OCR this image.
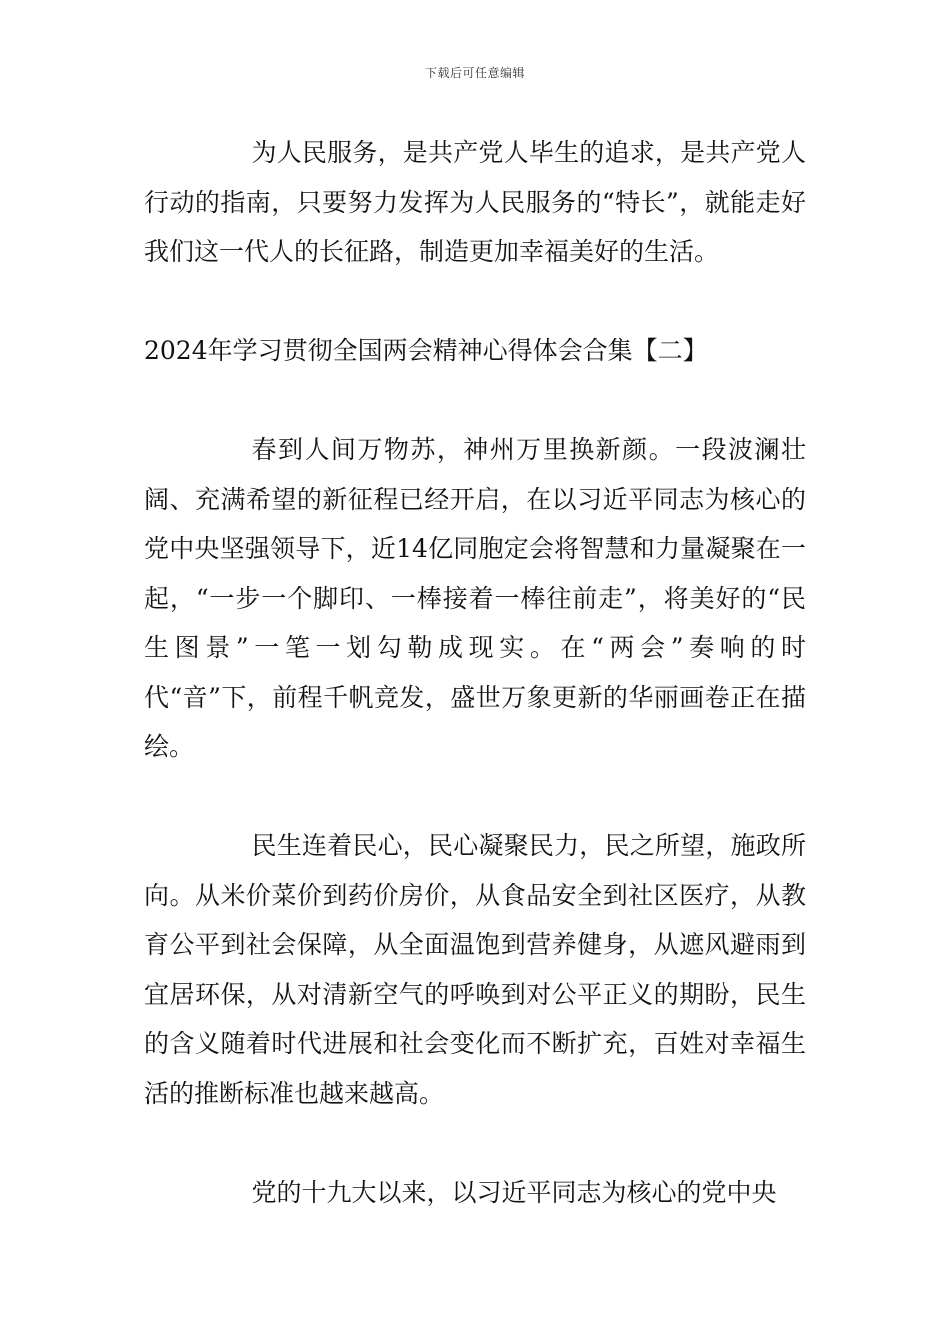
下载后可任意编辑

为人民服务，是共产党人毕生的追求，是共产党人行动的指南，只要努力发挥为人民服务的“特长”，就能走好我们这一代人的长征路，制造更加幸福美好的生活。

2024年学习贯彻全国两会精神心得体会合集【二】

春到人间万物苏，神州万里换新颜。一段波澜壮阔、充满希望的新征程已经开启，在以习近平同志为核心的党中央坚强领导下，近14亿同胞定会将智慧和力量凝聚在一起，“一步一个脚印、一棒接着一棒往前走”，将美好的“民生图景”一笔一划勾勒成现实。在“两会”奏响的时代“音”下，前程千帆竞发，盛世万象更新的华丽画卷正在描绘。

民生连着民心，民心凝聚民力，民之所望，施政所向。从米价菜价到药价房价，从食品安全到社区医疗，从教育公平到社会保障，从全面温饱到营养健身，从遮风避雨到宜居环保，从对清新空气的呼唤到对公平正义的期盼，民生的含义随着时代进展和社会变化而不断扩充，百姓对幸福生活的推断标准也越来越高。

党的十九大以来，以习近平同志为核心的党中央
